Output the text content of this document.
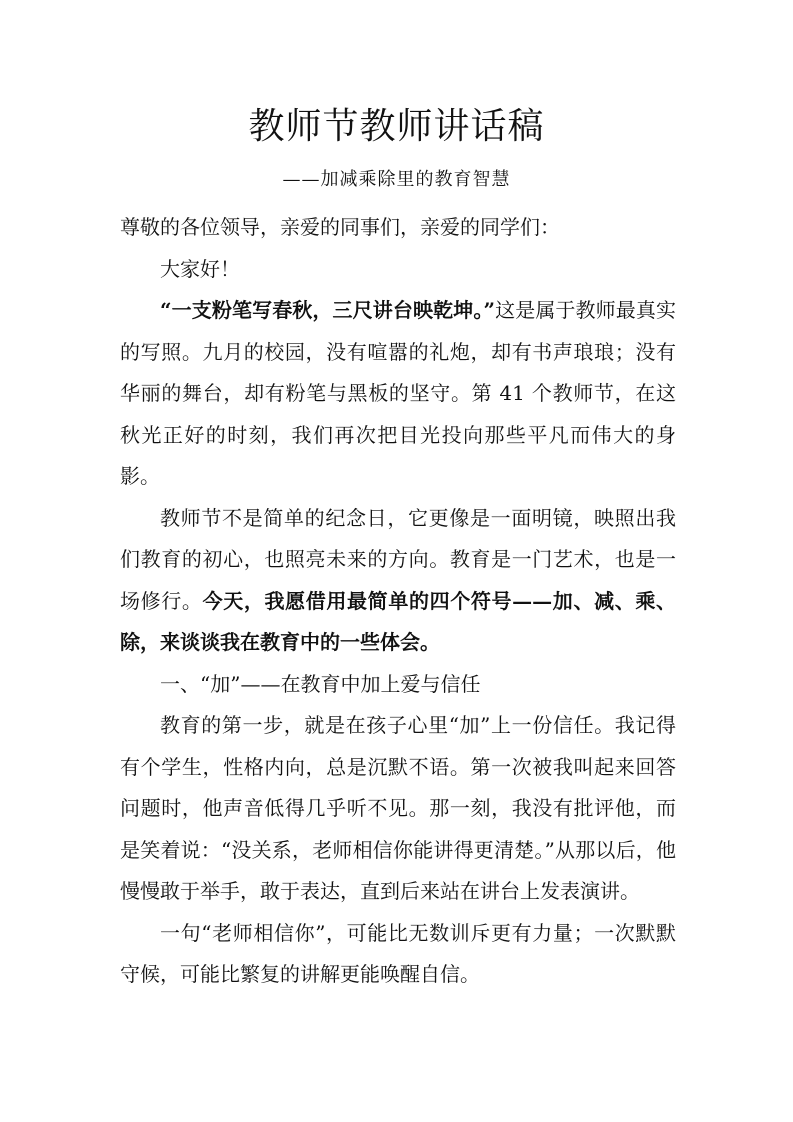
教师节教师讲话稿
——加减乘除里的教育智慧

尊敬的各位领导，亲爱的同事们，亲爱的同学们：

大家好！

“一支粉笔写春秋，三尺讲台映乾坤。”这是属于教师最真实的写照。九月的校园，没有喧嚣的礼炮，却有书声琅琅；没有华丽的舞台，却有粉笔与黑板的坚守。第 41 个教师节，在这秋光正好的时刻，我们再次把目光投向那些平凡而伟大的身影。

教师节不是简单的纪念日，它更像是一面明镜，映照出我们教育的初心，也照亮未来的方向。教育是一门艺术，也是一场修行。今天，我愿借用最简单的四个符号——加、减、乘、除，来谈谈我在教育中的一些体会。

一、“加”——在教育中加上爱与信任

教育的第一步，就是在孩子心里“加”上一份信任。我记得有个学生，性格内向，总是沉默不语。第一次被我叫起来回答问题时，他声音低得几乎听不见。那一刻，我没有批评他，而是笑着说：“没关系，老师相信你能讲得更清楚。”从那以后，他慢慢敢于举手，敢于表达，直到后来站在讲台上发表演讲。

一句“老师相信你”，可能比无数训斥更有力量；一次默默守候，可能比繁复的讲解更能唤醒自信。
